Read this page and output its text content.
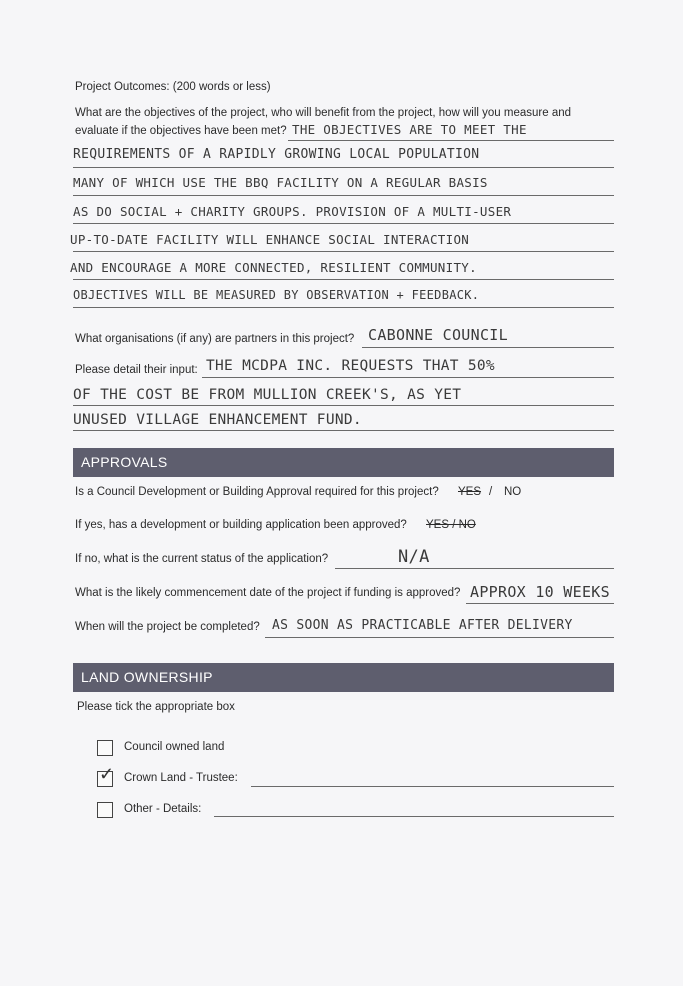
Project Outcomes: (200 words or less)
What are the objectives of the project, who will benefit from the project, how will you measure and
evaluate if the objectives have been met? THE OBJECTIVES ARE TO MEET THE
REQUIREMENTS OF A RAPIDLY GROWING LOCAL POPULATION
MANY OF WHICH USE THE BBQ FACILITY ON A REGULAR BASIS
AS DO SOCIAL + CHARITY GROUPS. PROVISION OF A MULTI-USER
UP-TO-DATE FACILITY WILL ENHANCE SOCIAL INTERACTION
AND ENCOURAGE A MORE CONNECTED, RESILIENT COMMUNITY.
OBJECTIVES WILL BE MEASURED BY OBSERVATION + FEEDBACK.
What organisations (if any) are partners in this project? CABONNE COUNCIL
Please detail their input: THE MCDPA INC. REQUESTS THAT 50%
OF THE COST BE FROM MULLION CREEK'S, AS YET
UNUSED VILLAGE ENHANCEMENT FUND.
APPROVALS
Is a Council Development or Building Approval required for this project? YES / NO
If yes, has a development or building application been approved? YES / NO
If no, what is the current status of the application?	N/A
What is the likely commencement date of the project if funding is approved? APPROX 10 WEEKS
When will the project be completed? AS SOON AS PRACTICABLE AFTER DELIVERY
LAND OWNERSHIP
Please tick the appropriate box
Council owned land
✓ Crown Land - Trustee:
Other - Details:
